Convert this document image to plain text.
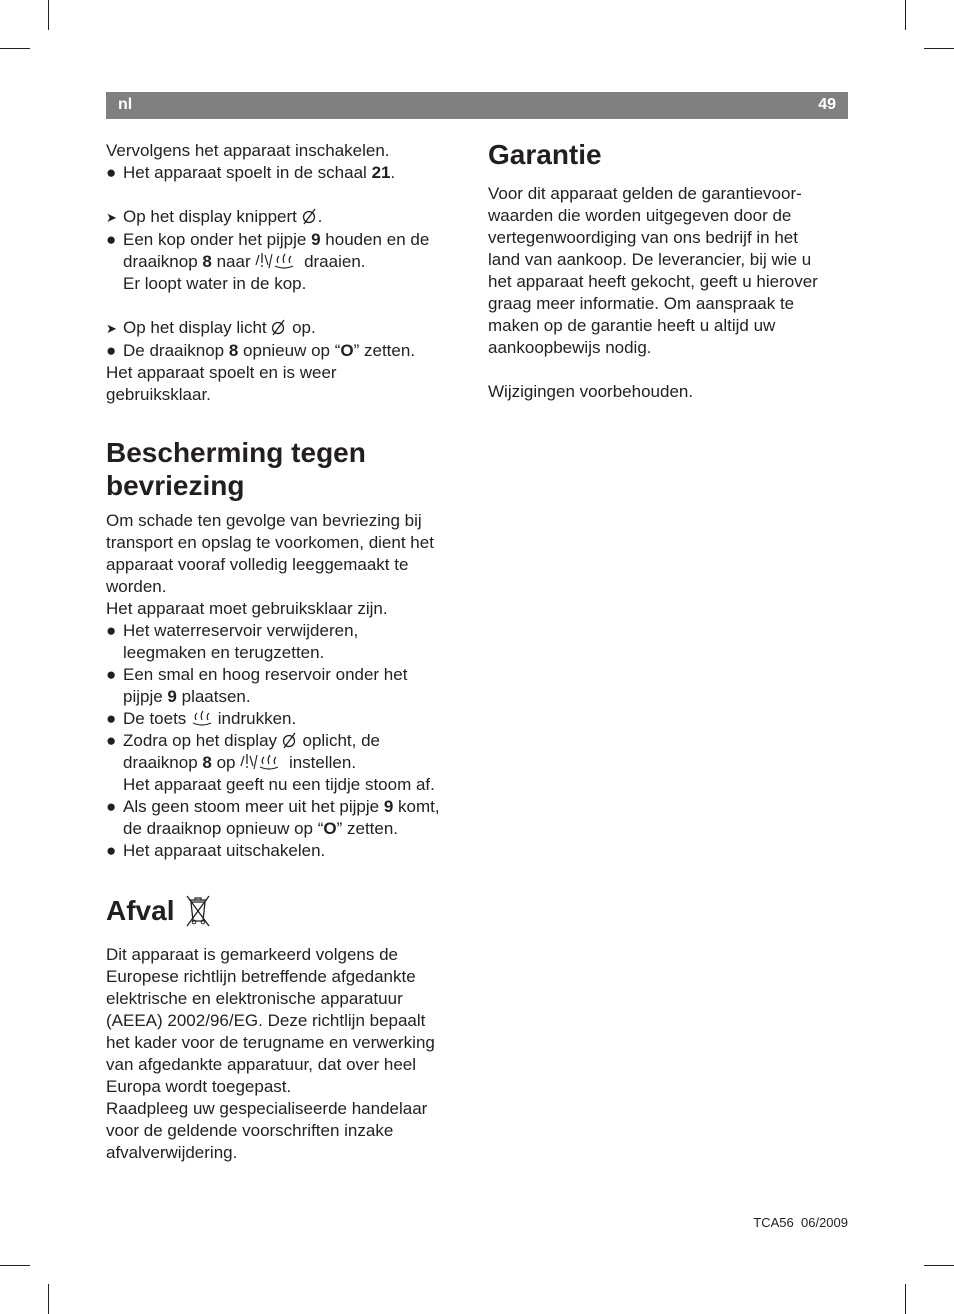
nl	49
Vervolgens het apparaat inschakelen.
● Het apparaat spoelt in de schaal 21.
➤ Op het display knippert
.
● Een kop onder het pijpje 9 houden en de
draaiknop 8 naar	draaien.
Er loopt water in de kop.
➤ Op het display licht
op.
● De draaiknop 8 opnieuw op “O” zetten.
Het apparaat spoelt en is weer
gebruiksklaar.
Bescherming tegen
bevriezing
Om schade ten gevolge van bevriezing bij
transport en opslag te voorkomen, dient het
apparaat vooraf volledig leeggemaakt te
worden.
Het apparaat moet gebruiksklaar zijn.
● Het waterreservoir verwijderen,
leegmaken en terugzetten.
● Een smal en hoog reservoir onder het
pijpje 9 plaatsen.
● De toets
indrukken.
● Zodra op het display
oplicht, de
draaiknop 8 op	instellen.
Het apparaat geeft nu een tijdje stoom af.
● Als geen stoom meer uit het pijpje 9 komt,
de draaiknop opnieuw op “O” zetten.
● Het apparaat uitschakelen.
Afval
Dit apparaat is gemarkeerd volgens de
Europese richtlijn betreffende afgedankte
elektrische en elektronische apparatuur
(AEEA) 2002/96/EG. Deze richtlijn bepaalt
het kader voor de terugname en verwerking
van afgedankte apparatuur, dat over heel
Europa wordt toegepast.
Raadpleeg uw gespecialiseerde handelaar
voor de geldende voorschriften inzake
afvalverwijdering.
Garantie
Voor dit apparaat gelden de garantievoor-
waarden die worden uitgegeven door de
vertegenwoordiging van ons bedrijf in het
land van aankoop. De leverancier, bij wie u
het apparaat heeft gekocht, geeft u hierover
graag meer informatie. Om aanspraak te
maken op de garantie heeft u altijd uw
aankoopbewijs nodig.
Wijzigingen voorbehouden.
TCA56 06/2009
